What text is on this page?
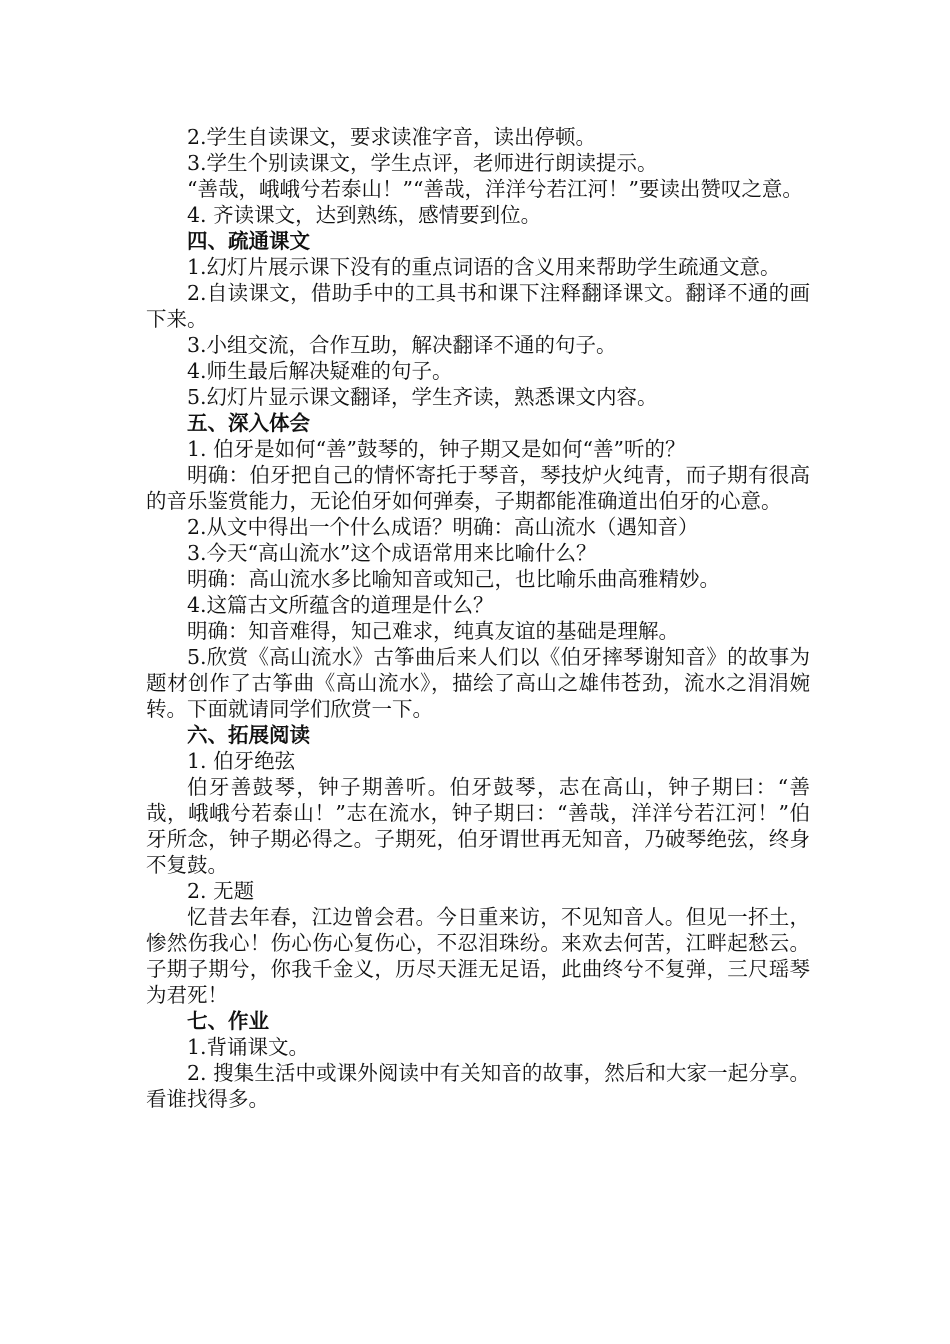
2.学生自读课文，要求读准字音，读出停顿。

3.学生个别读课文，学生点评，老师进行朗读提示。

“善哉，峨峨兮若泰山！”“善哉，洋洋兮若江河！”要读出赞叹之意。

4. 齐读课文，达到熟练，感情要到位。

四、疏通课文

1.幻灯片展示课下没有的重点词语的含义用来帮助学生疏通文意。

2.自读课文，借助手中的工具书和课下注释翻译课文。翻译不通的画下来。

3.小组交流，合作互助，解决翻译不通的句子。

4.师生最后解决疑难的句子。

5.幻灯片显示课文翻译，学生齐读，熟悉课文内容。

五、深入体会

1. 伯牙是如何“善”鼓琴的，钟子期又是如何“善”听的？

明确：伯牙把自己的情怀寄托于琴音，琴技炉火纯青，而子期有很高的音乐鉴赏能力，无论伯牙如何弹奏，子期都能准确道出伯牙的心意。

2.从文中得出一个什么成语？明确：高山流水（遇知音）

3.今天“高山流水”这个成语常用来比喻什么？

明确：高山流水多比喻知音或知己，也比喻乐曲高雅精妙。

4.这篇古文所蕴含的道理是什么？

明确：知音难得，知己难求，纯真友谊的基础是理解。

5.欣赏《高山流水》古筝曲后来人们以《伯牙摔琴谢知音》的故事为题材创作了古筝曲《高山流水》，描绘了高山之雄伟苍劲，流水之涓涓婉转。下面就请同学们欣赏一下。

六、拓展阅读

1. 伯牙绝弦

伯牙善鼓琴，钟子期善听。伯牙鼓琴，志在高山，钟子期曰：“善哉，峨峨兮若泰山！”志在流水，钟子期曰：“善哉，洋洋兮若江河！”伯牙所念，钟子期必得之。子期死，伯牙谓世再无知音，乃破琴绝弦，终身不复鼓。

2. 无题

忆昔去年春，江边曾会君。今日重来访，不见知音人。但见一抔土，惨然伤我心！伤心伤心复伤心，不忍泪珠纷。来欢去何苦，江畔起愁云。子期子期兮，你我千金义，历尽天涯无足语，此曲终兮不复弹，三尺瑶琴为君死！

七、作业

1.背诵课文。

2. 搜集生活中或课外阅读中有关知音的故事，然后和大家一起分享。看谁找得多。
